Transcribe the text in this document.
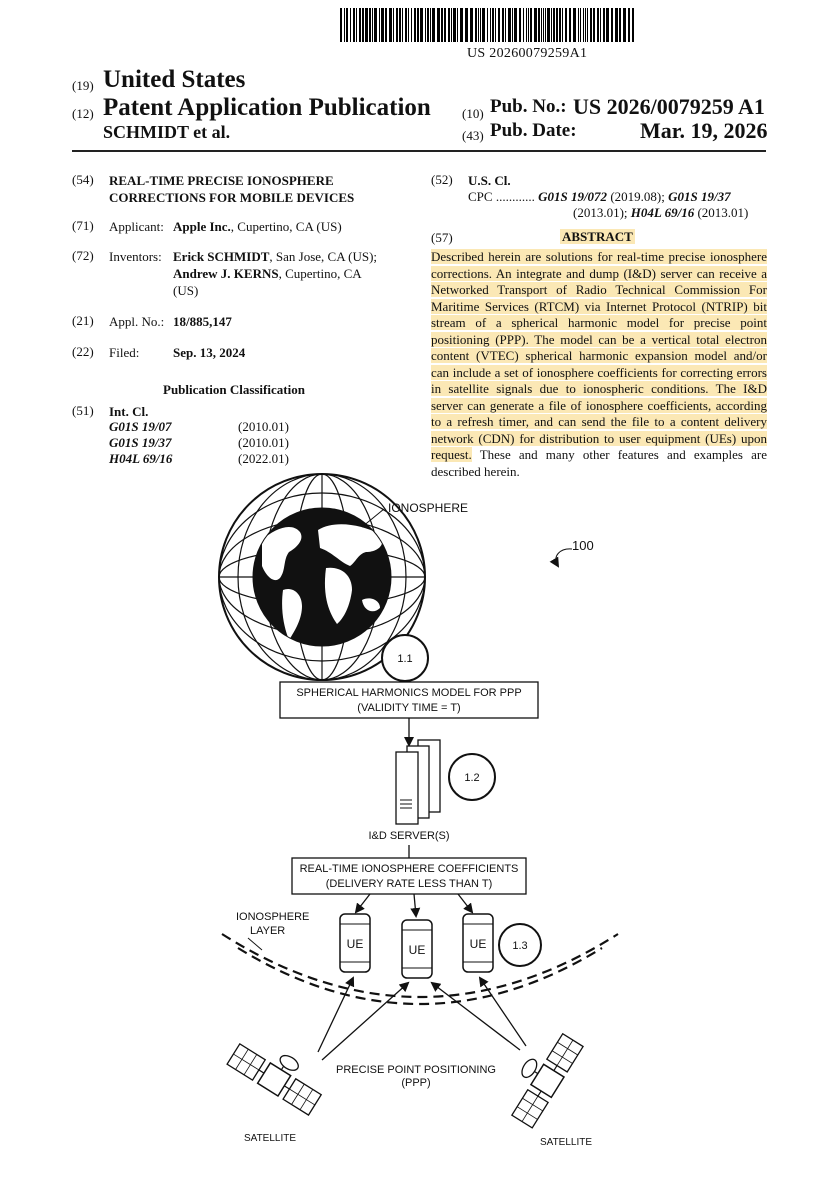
US 20260079259A1
(19) United States
(12) Patent Application Publication
SCHMIDT et al.
(10) Pub. No.: US 2026/0079259 A1
(43) Pub. Date:	Mar. 19, 2026
(54) REAL-TIME PRECISE IONOSPHERE
CORRECTIONS FOR MOBILE DEVICES
(71) Applicant: Apple Inc., Cupertino, CA (US)
(72) Inventors: Erick SCHMIDT, San Jose, CA (US);
Andrew J. KERNS, Cupertino, CA
(US)
(21) Appl. No.: 18/885,147
(22) Filed:	Sep. 13, 2024
Publication Classification
(51) Int. Cl.
G01S 19/07	(2010.01)
G01S 19/37	(2010.01)
H04L 69/16	(2022.01)
(52) U.S. Cl.
CPC ............ G01S 19/072 (2019.08); G01S 19/37
(2013.01); H04L 69/16 (2013.01)
(57)	ABSTRACT
Described herein are solutions for real-time precise ionosphere corrections. An integrate and dump (I&D) server can receive a Networked Transport of Radio Technical Commission For Maritime Services (RTCM) via Internet Protocol (NTRIP) bit stream of a spherical harmonic model for precise point positioning (PPP). The model can be a vertical total electron content (VTEC) spherical harmonic expansion model and/or can include a set of ionosphere coefficients for correcting errors in satellite signals due to ionospheric conditions. The I&D server can generate a file of ionosphere coefficients, according to a refresh timer, and can send the file to a content delivery network (CDN) for distribution to user equipment (UEs) upon request. These and many other features and examples are described herein.
IONOSPHERE
100
1.1
SPHERICAL HARMONICS MODEL FOR PPP
(VALIDITY TIME = T)
1.2
I&D SERVER(S)
REAL-TIME IONOSPHERE COEFFICIENTS
(DELIVERY RATE LESS THAN T)
IONOSPHERE
LAYER
UE	UE	UE 1.3
SATELLITE	SATELLITE
PRECISE POINT POSITIONING
(PPP)
